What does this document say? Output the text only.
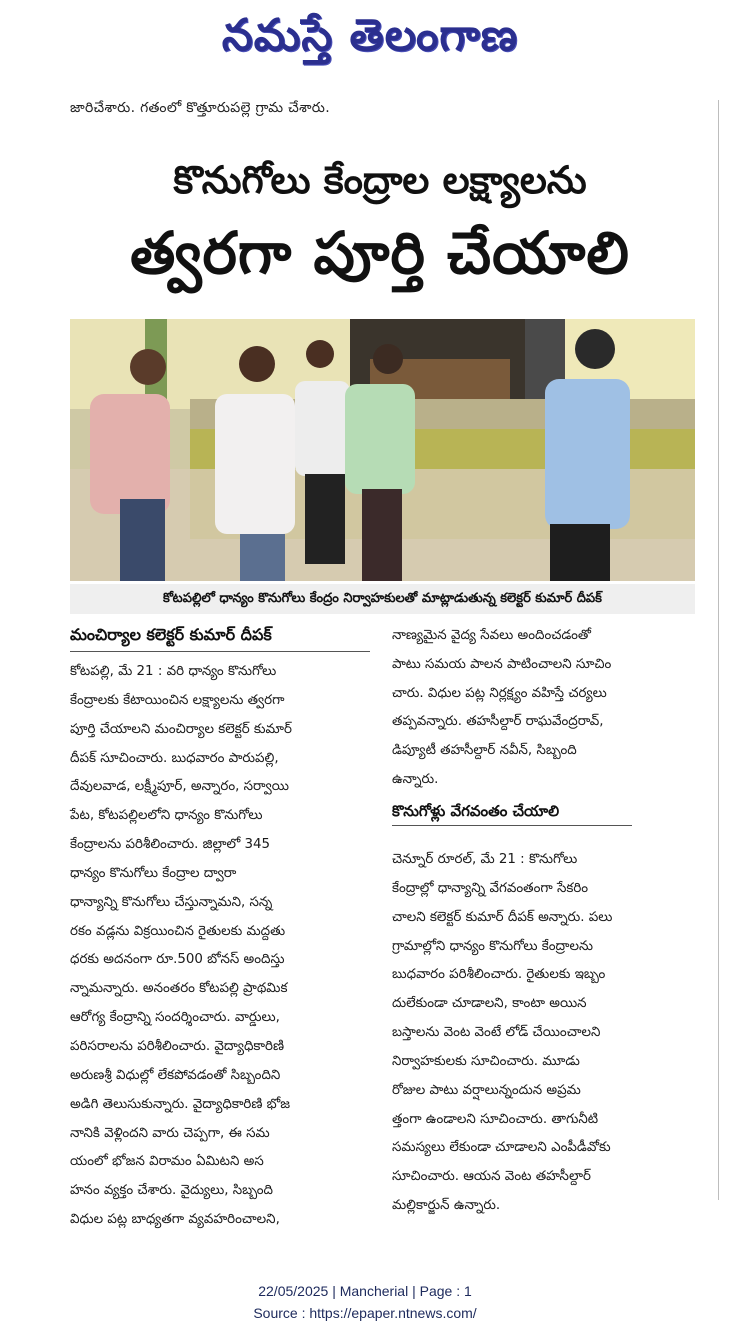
నమస్తే తెలంగాణ
జారిచేశారు. గతంలో కొత్తూరుపల్లె గ్రామ చేశారు.
కొనుగోలు కేంద్రాల లక్ష్యాలను
త్వరగా పూర్తి చేయాలి
కోటపల్లిలో ధాన్యం కొనుగోలు కేంద్రం నిర్వాహకులతో మాట్లాడుతున్న కలెక్టర్ కుమార్ దీపక్
మంచిర్యాల కలెక్టర్ కుమార్ దీపక్

కోటపల్లి, మే 21 : వరి ధాన్యం కొనుగోలు

కేంద్రాలకు కేటాయించిన లక్ష్యాలను త్వరగా

పూర్తి చేయాలని మంచిర్యాల కలెక్టర్ కుమార్

దీపక్ సూచించారు. బుధవారం పారుపల్లి,

దేవులవాడ, లక్ష్మీపూర్, అన్నారం, సర్వాయి

పేట, కోటపల్లిలలోని ధాన్యం కొనుగోలు

కేంద్రాలను పరిశీలించారు. జిల్లాలో 345

ధాన్యం కొనుగోలు కేంద్రాల ద్వారా

ధాన్యాన్ని కొనుగోలు చేస్తున్నామని, సన్న

రకం వడ్లను విక్రయించిన రైతులకు మద్దతు

ధరకు అదనంగా రూ.500 బోనస్ అందిస్తు

న్నామన్నారు. అనంతరం కోటపల్లి ప్రాథమిక

ఆరోగ్య కేంద్రాన్ని సందర్శించారు. వార్డులు,

పరిసరాలను పరిశీలించారు. వైద్యాధికారిణి

అరుణశ్రీ విధుల్లో లేకపోవడంతో సిబ్బందిని

అడిగి తెలుసుకున్నారు. వైద్యాధికారిణి భోజ

నానికి వెళ్లిందని వారు చెప్పగా, ఈ సమ

యంలో భోజన విరామం ఏమిటని అస

హనం వ్యక్తం చేశారు. వైద్యులు, సిబ్బంది

విధుల పట్ల బాధ్యతగా వ్యవహరించాలని,

నాణ్యమైన వైద్య సేవలు అందించడంతో

పాటు సమయ పాలన పాటించాలని సూచిం

చారు. విధుల పట్ల నిర్లక్ష్యం వహిస్తే చర్యలు

తప్పవన్నారు. తహసీల్దార్ రాఘవేంద్రరావ్,

డిప్యూటీ తహసీల్దార్ నవీన్, సిబ్బంది

ఉన్నారు.

కొనుగోళ్లు వేగవంతం చేయాలి

చెన్నూర్ రూరల్, మే 21 : కొనుగోలు

కేంద్రాల్లో ధాన్యాన్ని వేగవంతంగా సేకరిం

చాలని కలెక్టర్ కుమార్ దీపక్ అన్నారు. పలు

గ్రామాల్లోని ధాన్యం కొనుగోలు కేంద్రాలను

బుధవారం పరిశీలించారు. రైతులకు ఇబ్బం

దులేకుండా చూడాలని, కాంటా అయిన

బస్తాలను వెంట వెంటే లోడ్ చేయించాలని

నిర్వాహకులకు సూచించారు. మూడు

రోజుల పాటు వర్షాలున్నందున అప్రమ

త్తంగా ఉండాలని సూచించారు. తాగునీటి

సమస్యలు లేకుండా చూడాలని ఎంపీడీవోకు

సూచించారు. ఆయన వెంట తహసీల్దార్

మల్లికార్జున్ ఉన్నారు.

22/05/2025 | Mancherial | Page : 1
Source : https://epaper.ntnews.com/
